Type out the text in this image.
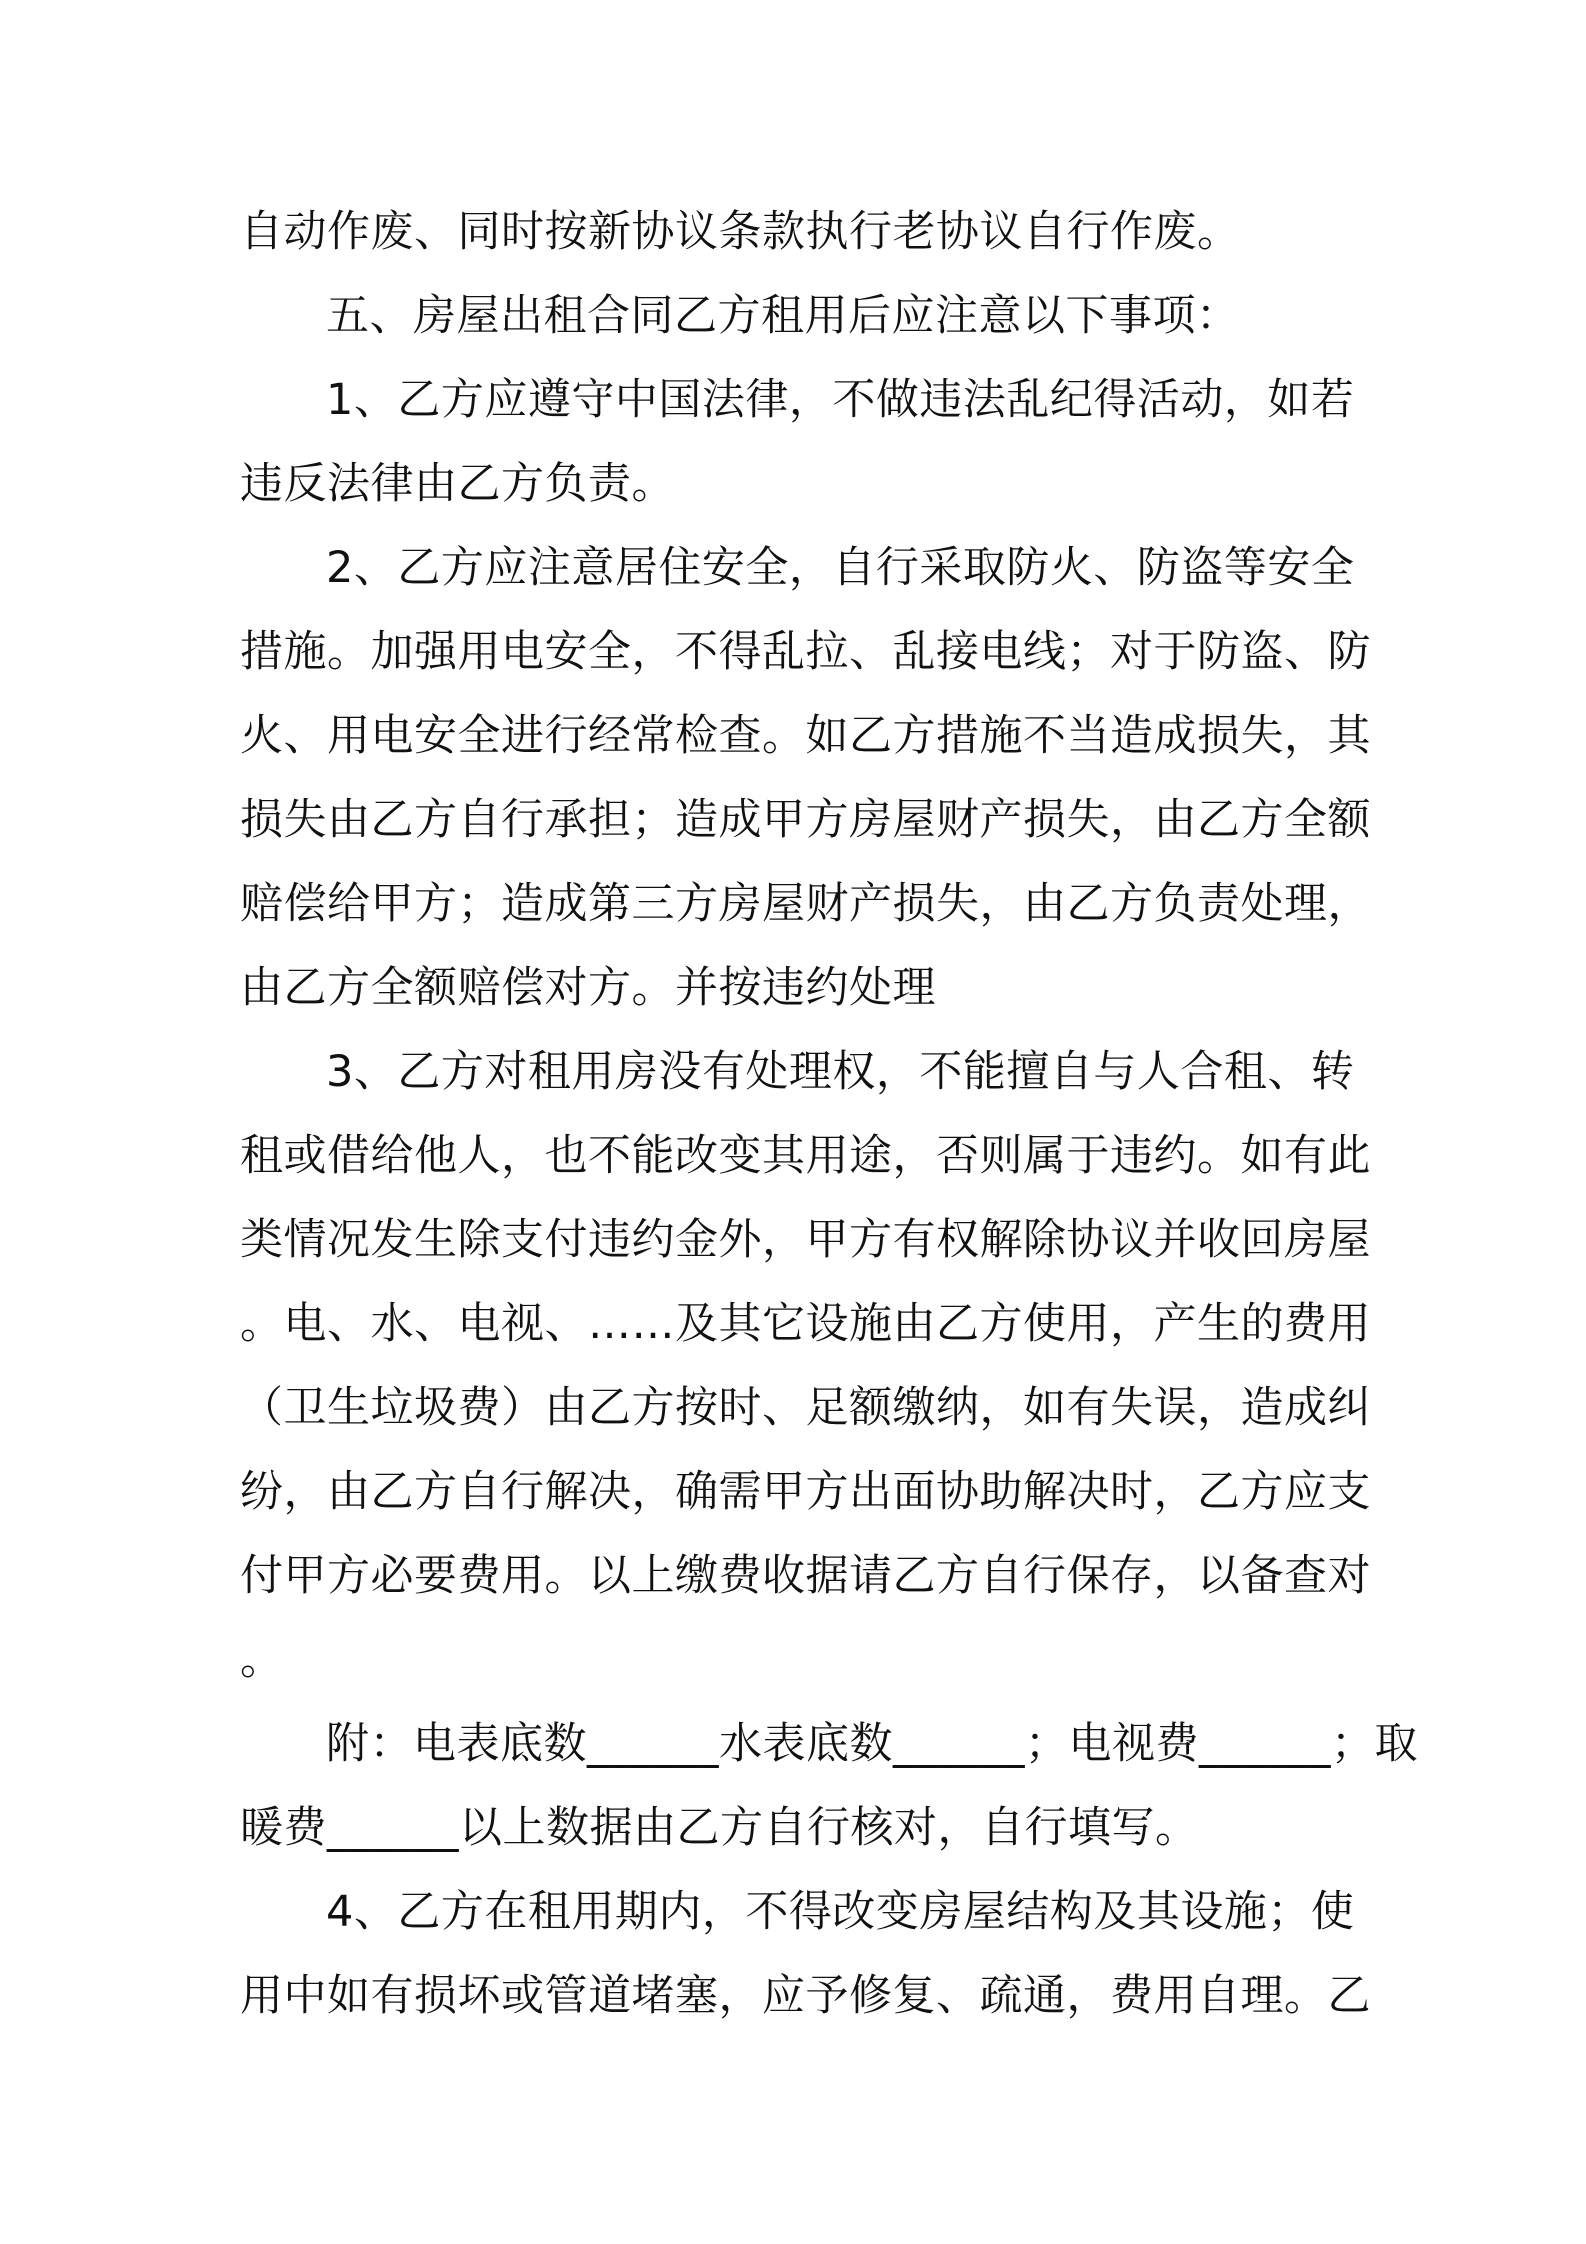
自动作废、同时按新协议条款执行老协议自行作废。
五、房屋出租合同乙方租用后应注意以下事项：
1、乙方应遵守中国法律，不做违法乱纪得活动，如若
违反法律由乙方负责。
2、乙方应注意居住安全，自行采取防火、防盗等安全
措施。加强用电安全，不得乱拉、乱接电线；对于防盗、防
火、用电安全进行经常检查。如乙方措施不当造成损失，其
损失由乙方自行承担；造成甲方房屋财产损失，由乙方全额
赔偿给甲方；造成第三方房屋财产损失，由乙方负责处理，
由乙方全额赔偿对方。并按违约处理
3、乙方对租用房没有处理权，不能擅自与人合租、转
租或借给他人，也不能改变其用途，否则属于违约。如有此
类情况发生除支付违约金外，甲方有权解除协议并收回房屋
。电、水、电视、……及其它设施由乙方使用，产生的费用
（卫生垃圾费）由乙方按时、足额缴纳，如有失误，造成纠
纷，由乙方自行解决，确需甲方出面协助解决时，乙方应支
付甲方必要费用。以上缴费收据请乙方自行保存，以备查对
。
附：电表底数______水表底数______；电视费______；取
暖费______以上数据由乙方自行核对，自行填写。
4、乙方在租用期内，不得改变房屋结构及其设施；使
用中如有损坏或管道堵塞，应予修复、疏通，费用自理。乙
